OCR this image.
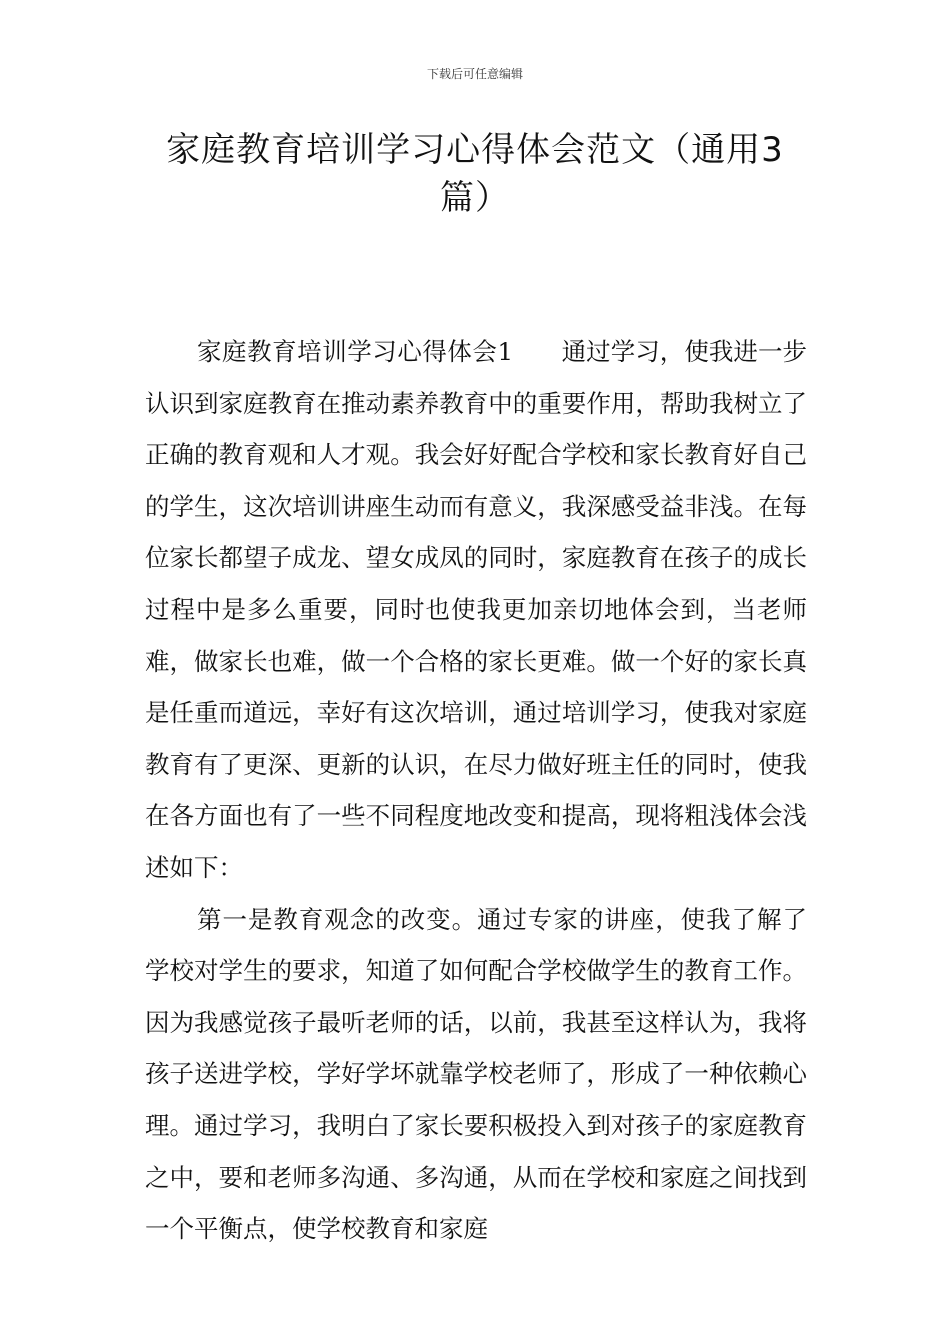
下载后可任意编辑
家庭教育培训学习心得体会范文（通用3篇）

家庭教育培训学习心得体会1 通过学习，使我进一步认识到家庭教育在推动素养教育中的重要作用，帮助我树立了正确的教育观和人才观。我会好好配合学校和家长教育好自己的学生，这次培训讲座生动而有意义，我深感受益非浅。在每位家长都望子成龙、望女成凤的同时，家庭教育在孩子的成长过程中是多么重要，同时也使我更加亲切地体会到，当老师难，做家长也难，做一个合格的家长更难。做一个好的家长真是任重而道远，幸好有这次培训，通过培训学习，使我对家庭教育有了更深、更新的认识，在尽力做好班主任的同时，使我在各方面也有了一些不同程度地改变和提高，现将粗浅体会浅述如下：

第一是教育观念的改变。通过专家的讲座，使我了解了学校对学生的要求，知道了如何配合学校做学生的教育工作。因为我感觉孩子最听老师的话，以前，我甚至这样认为，我将孩子送进学校，学好学坏就靠学校老师了，形成了一种依赖心理。通过学习，我明白了家长要积极投入到对孩子的家庭教育之中，要和老师多沟通、多沟通，从而在学校和家庭之间找到一个平衡点，使学校教育和家庭
